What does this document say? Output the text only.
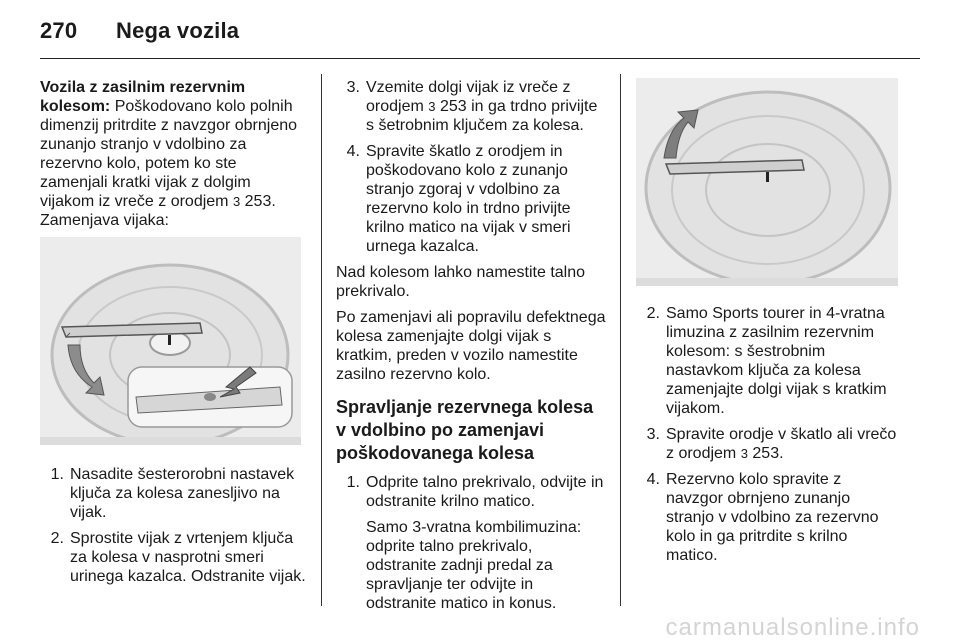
270 Nega vozila

Vozila z zasilnim rezervnim kolesom: Poškodovano kolo polnih dimenzij pritrdite z navzgor obrnjeno zunanjo stranjo v vdolbino za rezervno kolo, potem ko ste zamenjali kratki vijak z dolgim vijakom iz vreče z orodjem 3 253. Zamenjava vijaka:

1. Nasadite šesterorobni nastavek ključa za kolesa zanesljivo na vijak.
2. Sprostite vijak z vrtenjem ključa za kolesa v nasprotni smeri urinega kazalca. Odstranite vijak.
3. Vzemite dolgi vijak iz vreče z orodjem 3 253 in ga trdno privijte s šetrobnim ključem za kolesa.
4. Spravite škatlo z orodjem in poškodovano kolo z zunanjo stranjo zgoraj v vdolbino za rezervno kolo in trdno privijte krilno matico na vijak v smeri urnega kazalca.

Nad kolesom lahko namestite talno prekrivalo.

Po zamenjavi ali popravilu defektnega kolesa zamenjajte dolgi vijak s kratkim, preden v vozilo namestite zasilno rezervno kolo.

Spravljanje rezervnega kolesa v vdolbino po zamenjavi poškodovanega kolesa
1. Odprite talno prekrivalo, odvijte in odstranite krilno matico.
Samo 3-vratna kombilimuzina: odprite talno prekrivalo, odstranite zadnji predal za spravljanje ter odvijte in odstranite matico in konus.
2. Samo Sports tourer in 4-vratna limuzina z zasilnim rezervnim kolesom: s šestrobnim nastavkom ključa za kolesa zamenjajte dolgi vijak s kratkim vijakom.
3. Spravite orodje v škatlo ali vrečo z orodjem 3 253.
4. Rezervno kolo spravite z navzgor obrnjeno zunanjo stranjo v vdolbino za rezervno kolo in ga pritrdite s krilno matico.
carmanualsonline.info
